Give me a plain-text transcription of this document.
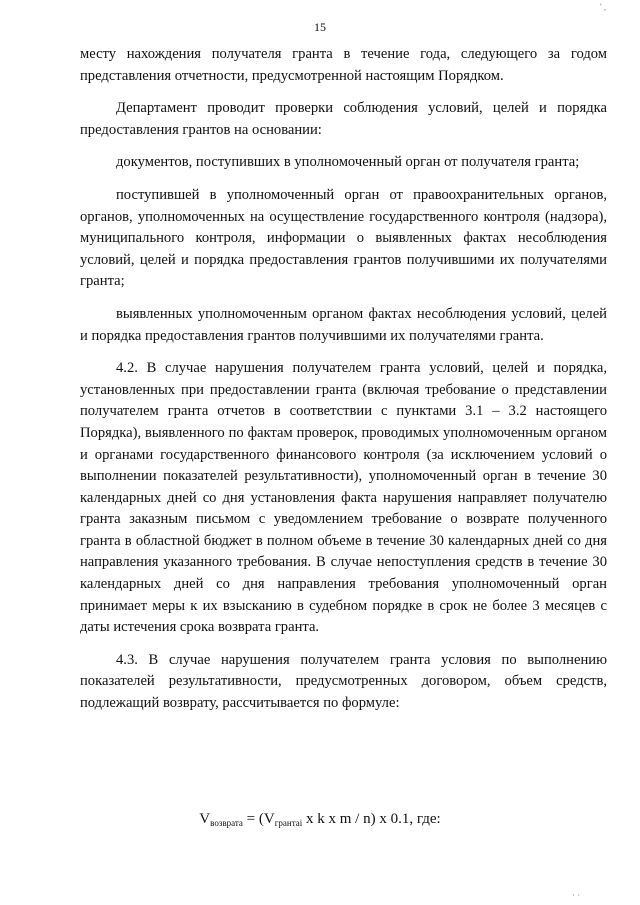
15
' ,

месту нахождения получателя гранта в течение года, следующего за годом представления отчетности, предусмотренной настоящим Порядком.

Департамент проводит проверки соблюдения условий, целей и порядка предоставления грантов на основании:

документов, поступивших в уполномоченный орган от получателя гранта;

поступившей в уполномоченный орган от правоохранительных органов, органов, уполномоченных на осуществление государственного контроля (надзора), муниципального контроля, информации о выявленных фактах несоблюдения условий, целей и порядка предоставления грантов получившими их получателями гранта;

выявленных уполномоченным органом фактах несоблюдения условий, целей и порядка предоставления грантов получившими их получателями гранта.

4.2. В случае нарушения получателем гранта условий, целей и порядка, установленных при предоставлении гранта (включая требование о представлении получателем гранта отчетов в соответствии с пунктами 3.1 – 3.2 настоящего Порядка), выявленного по фактам проверок, проводимых уполномоченным органом и органами государственного финансового контроля (за исключением условий о выполнении показателей результативности), уполномоченный орган в течение 30 календарных дней со дня установления факта нарушения направляет получателю гранта заказным письмом с уведомлением требование о возврате полученного гранта в областной бюджет в полном объеме в течение 30 календарных дней со дня направления указанного требования. В случае непоступления средств в течение 30 календарных дней со дня направления требования уполномоченный орган принимает меры к их взысканию в судебном порядке в срок не более 3 месяцев с даты истечения срока возврата гранта.

4.3. В случае нарушения получателем гранта условия по выполнению показателей результативности, предусмотренных договором, объем средств, подлежащий возврату, рассчитывается по формуле:

$V_{возврата} = (V_{грантаi}$ x k x m / n) x 0.1, где:
· ·
